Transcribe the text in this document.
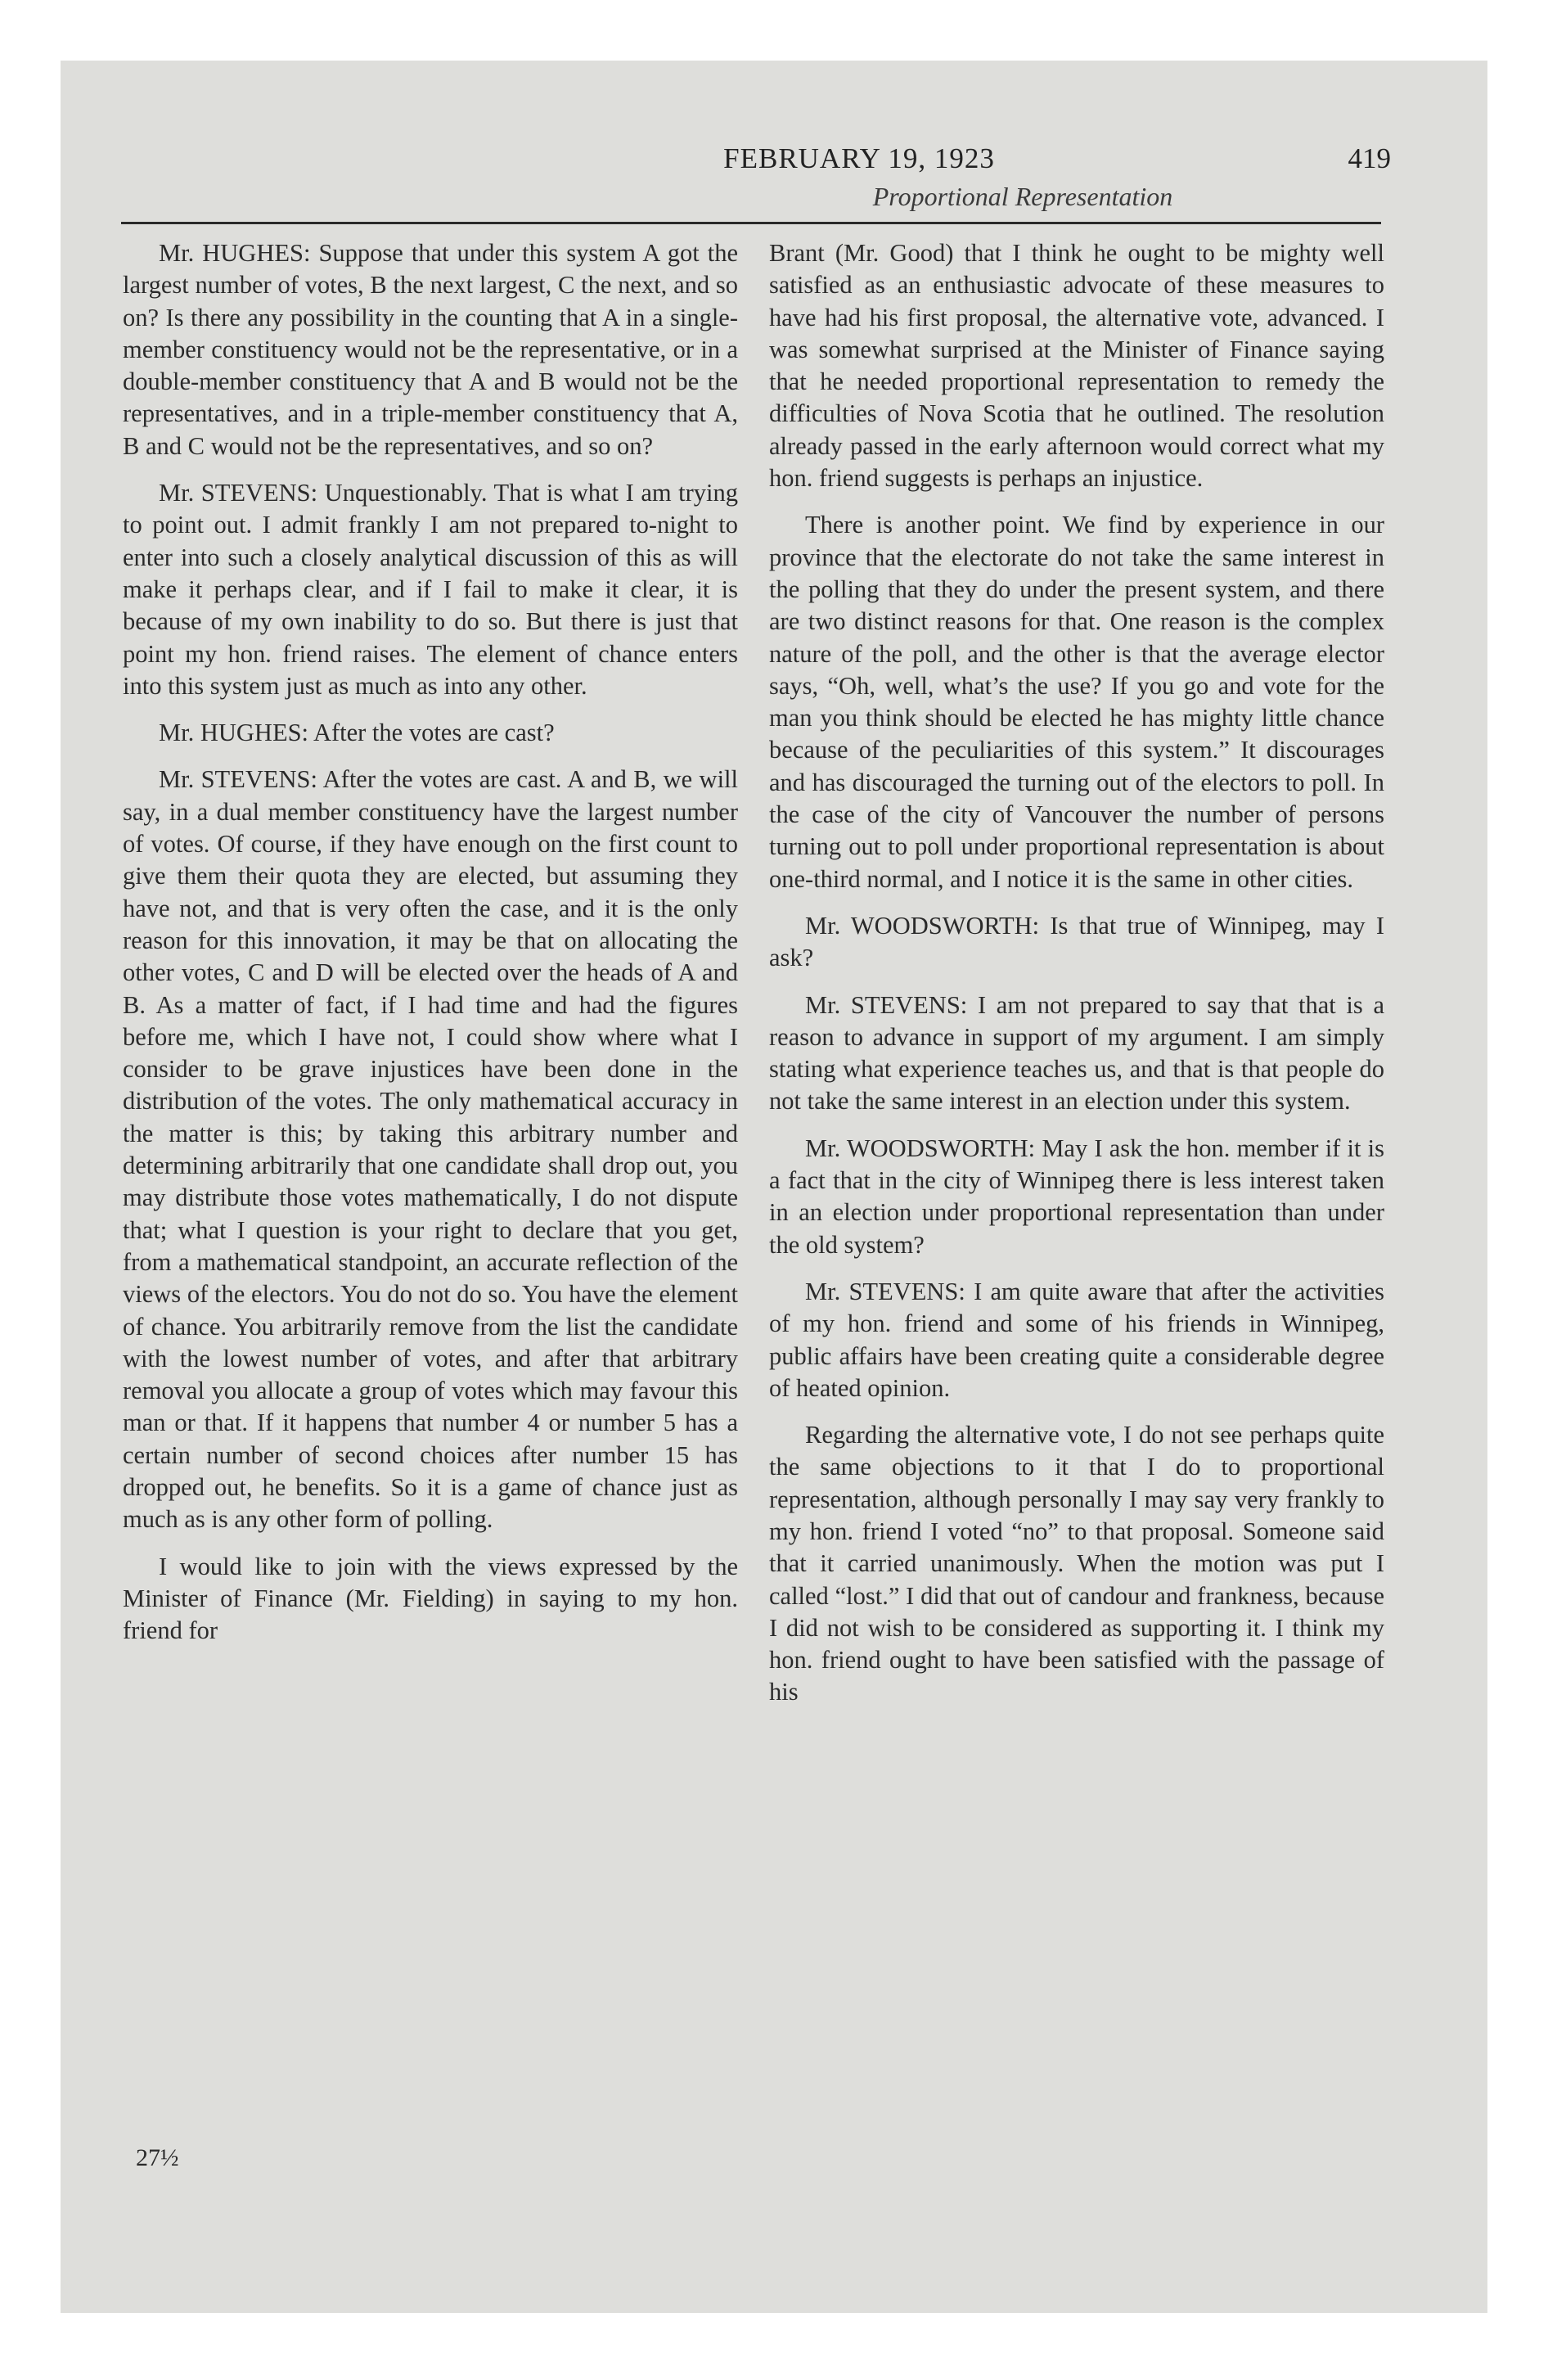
FEBRUARY 19, 1923	419
Proportional Representation

Mr. HUGHES: Suppose that under this system A got the largest number of votes, B the next largest, C the next, and so on? Is there any possibility in the counting that A in a single-member constituency would not be the representative, or in a double-member constituency that A and B would not be the representatives, and in a triple-member constituency that A, B and C would not be the representatives, and so on?

Mr. STEVENS: Unquestionably. That is what I am trying to point out. I admit frankly I am not prepared to-night to enter into such a closely analytical discussion of this as will make it perhaps clear, and if I fail to make it clear, it is because of my own inability to do so. But there is just that point my hon. friend raises. The element of chance enters into this system just as much as into any other.

Mr. HUGHES: After the votes are cast?

Mr. STEVENS: After the votes are cast. A and B, we will say, in a dual member constituency have the largest number of votes. Of course, if they have enough on the first count to give them their quota they are elected, but assuming they have not, and that is very often the case, and it is the only reason for this innovation, it may be that on allocating the other votes, C and D will be elected over the heads of A and B. As a matter of fact, if I had time and had the figures before me, which I have not, I could show where what I consider to be grave injustices have been done in the distribution of the votes. The only mathematical accuracy in the matter is this; by taking this arbitrary number and determining arbitrarily that one candidate shall drop out, you may distribute those votes mathematically, I do not dispute that; what I question is your right to declare that you get, from a mathematical standpoint, an accurate reflection of the views of the electors. You do not do so. You have the element of chance. You arbitrarily remove from the list the candidate with the lowest number of votes, and after that arbitrary removal you allocate a group of votes which may favour this man or that. If it happens that number 4 or number 5 has a certain number of second choices after number 15 has dropped out, he benefits. So it is a game of chance just as much as is any other form of polling.

I would like to join with the views expressed by the Minister of Finance (Mr. Fielding) in saying to my hon. friend for

Brant (Mr. Good) that I think he ought to be mighty well satisfied as an enthusiastic advocate of these measures to have had his first proposal, the alternative vote, advanced. I was somewhat surprised at the Minister of Finance saying that he needed proportional representation to remedy the difficulties of Nova Scotia that he outlined. The resolution already passed in the early afternoon would correct what my hon. friend suggests is perhaps an injustice.

There is another point. We find by experience in our province that the electorate do not take the same interest in the polling that they do under the present system, and there are two distinct reasons for that. One reason is the complex nature of the poll, and the other is that the average elector says, “Oh, well, what’s the use? If you go and vote for the man you think should be elected he has mighty little chance because of the peculiarities of this system.” It discourages and has discouraged the turning out of the electors to poll. In the case of the city of Vancouver the number of persons turning out to poll under proportional representation is about one-third normal, and I notice it is the same in other cities.

Mr. WOODSWORTH: Is that true of Winnipeg, may I ask?

Mr. STEVENS: I am not prepared to say that that is a reason to advance in support of my argument. I am simply stating what experience teaches us, and that is that people do not take the same interest in an election under this system.

Mr. WOODSWORTH: May I ask the hon. member if it is a fact that in the city of Winnipeg there is less interest taken in an election under proportional representation than under the old system?

Mr. STEVENS: I am quite aware that after the activities of my hon. friend and some of his friends in Winnipeg, public affairs have been creating quite a considerable degree of heated opinion.

Regarding the alternative vote, I do not see perhaps quite the same objections to it that I do to proportional representation, although personally I may say very frankly to my hon. friend I voted “no” to that proposal. Someone said that it carried unanimously. When the motion was put I called “lost.” I did that out of candour and frankness, because I did not wish to be considered as supporting it. I think my hon. friend ought to have been satisfied with the passage of his

27½
